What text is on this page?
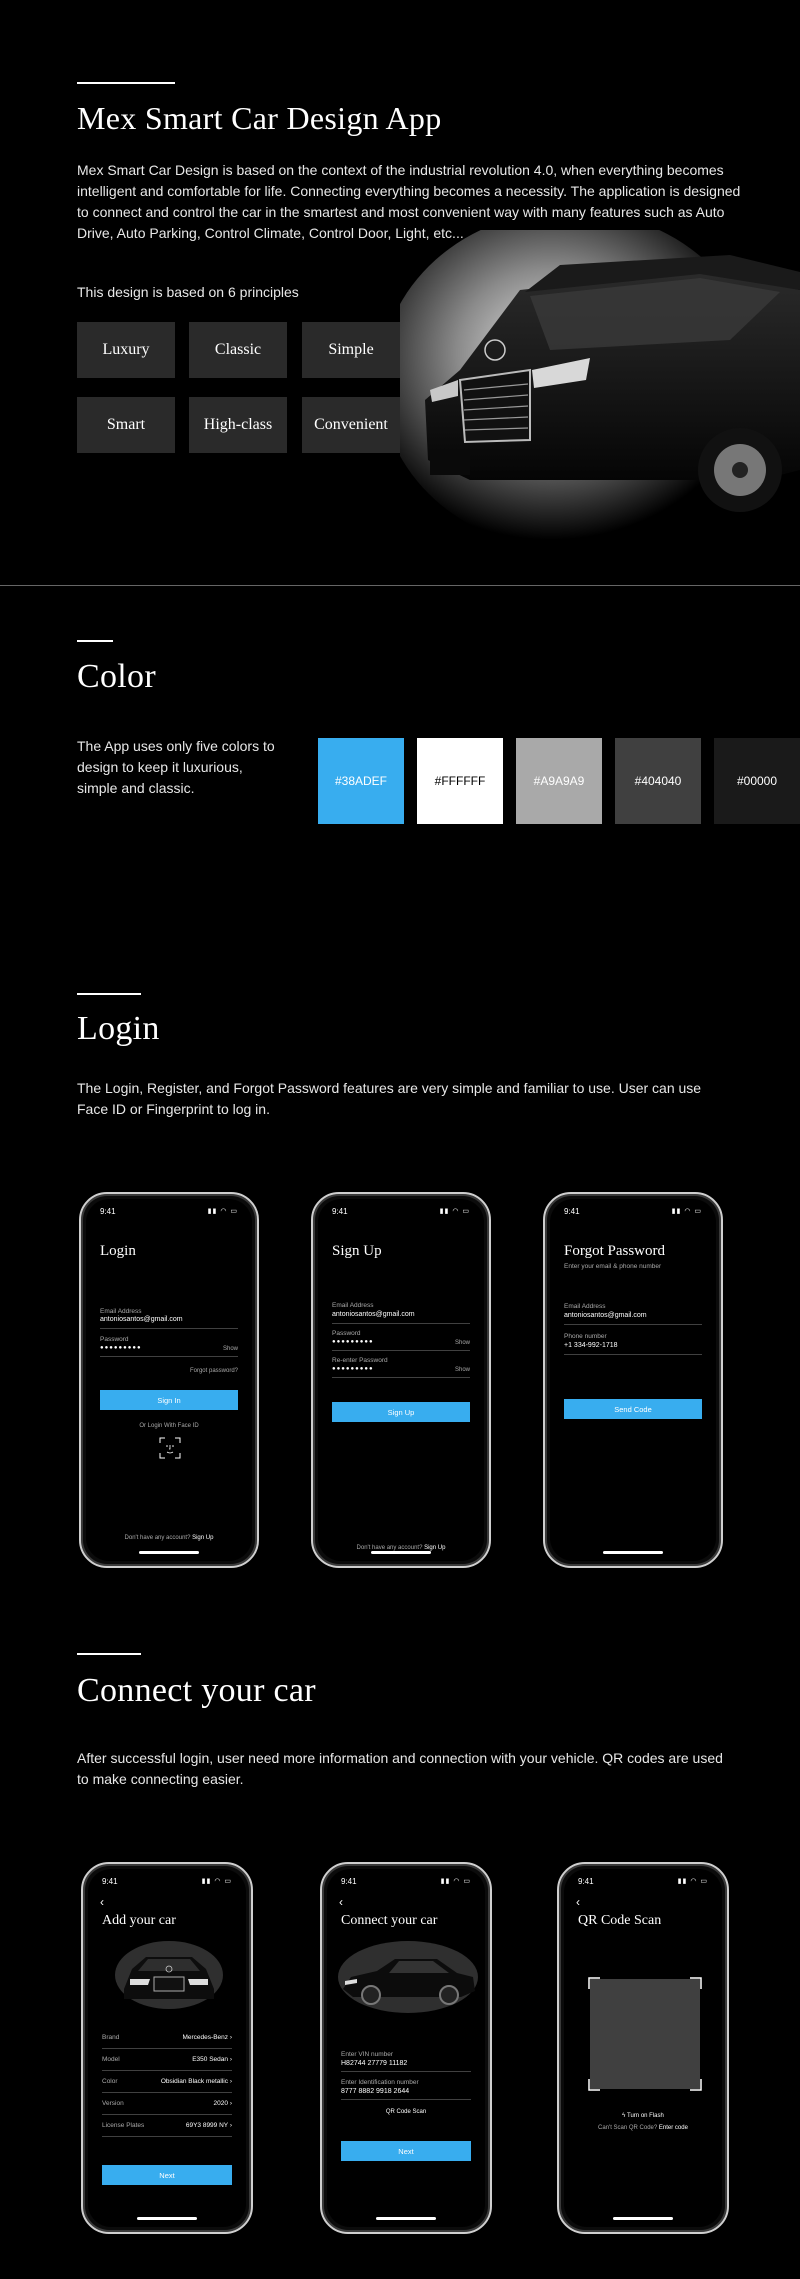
Mex Smart Car Design App
Mex Smart Car Design is based on the context of the industrial revolution 4.0, when everything becomes intelligent and comfortable for life. Connecting everything becomes a necessity. The application is designed to connect and control the car in the smartest and most convenient way with many features such as Auto Drive, Auto Parking, Control Climate, Control Door, Light, etc...
This design is based on 6 principles
Luxury	Classic	Simple
Smart	High-class	Convenient
Color
The App uses only five colors to design to keep it luxurious, simple and classic.	#38ADEF	#FFFFFF	#A9A9A9	#404040	#00000
Login
The Login, Register, and Forgot Password features are very simple and familiar to use. User can use Face ID or Fingerprint to log in.
9:41	▮▮ ◠ ▭
Login
Email Address
antoniosantos@gmail.com
Password
●●●●●●●●●	Show
Forgot password?
Sign In
Or Login With Face ID
Don't have any account? Sign Up
9:41	▮▮ ◠ ▭
Sign Up
Email Address
antoniosantos@gmail.com
Password
●●●●●●●●●	Show
Re-enter Password
●●●●●●●●●	Show
Sign Up
Don't have any account? Sign Up
9:41	▮▮ ◠ ▭
Forgot Password
Enter your email & phone number
Email Address
antoniosantos@gmail.com
Phone number
+1 334-992-1718
Send Code
Connect your car
After successful login, user need more information and connection with your vehicle. QR codes are used to make connecting easier.
9:41	▮▮ ◠ ▭
‹
Add your car
Brand	Mercedes-Benz ›
Model	E350 Sedan ›
Color	Obsidian Black metallic ›
Version	2020 ›
License Plates	69Y3 8999 NY ›
Next
9:41	▮▮ ◠ ▭
‹
Connect your car
Enter VIN number
H82744 27779 11182
Enter Identification number
8777 8882 9918 2644
QR Code Scan
Next
9:41	▮▮ ◠ ▭
‹
QR Code Scan
ϟ Turn on Flash
Can't Scan QR Code? Enter code
